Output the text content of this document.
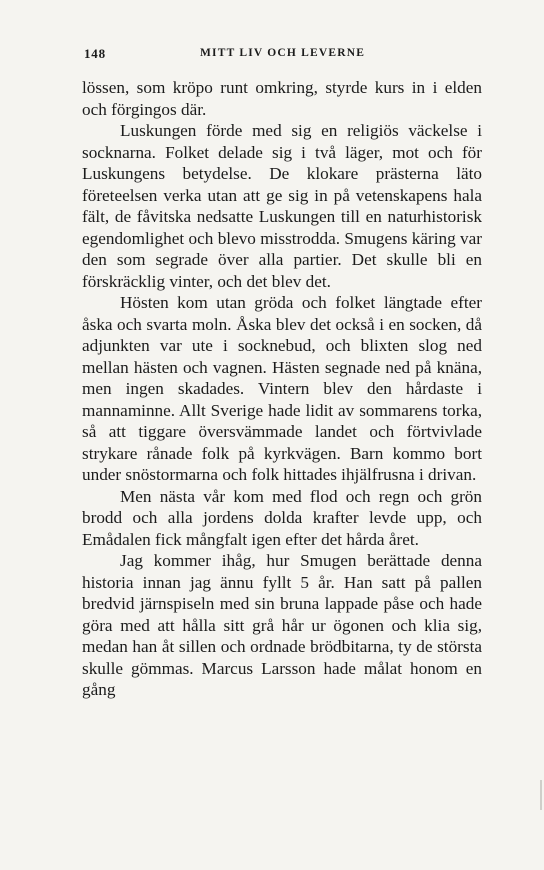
148	MITT LIV OCH LEVERNE

lössen, som kröpo runt omkring, styrde kurs in i elden och förgingos där.

Luskungen förde med sig en religiös väckelse i socknarna. Folket delade sig i två läger, mot och för Luskungens betydelse. De klokare prästerna läto företeelsen verka utan att ge sig in på vetenskapens hala fält, de fåvitska nedsatte Luskungen till en naturhistorisk egendomlighet och blevo misstrodda. Smugens käring var den som segrade över alla partier. Det skulle bli en förskräcklig vinter, och det blev det.

Hösten kom utan gröda och folket längtade efter åska och svarta moln. Åska blev det också i en socken, då adjunkten var ute i socknebud, och blixten slog ned mellan hästen och vagnen. Hästen segnade ned på knäna, men ingen skadades. Vintern blev den hårdaste i mannaminne. Allt Sverige hade lidit av sommarens torka, så att tiggare översvämmade landet och förtvivlade strykare rånade folk på kyrkvägen. Barn kommo bort under snöstormarna och folk hittades ihjälfrusna i drivan.

Men nästa vår kom med flod och regn och grön brodd och alla jordens dolda krafter levde upp, och Emådalen fick mångfalt igen efter det hårda året.

Jag kommer ihåg, hur Smugen berättade denna historia innan jag ännu fyllt 5 år. Han satt på pallen bredvid järnspiseln med sin bruna lappade påse och hade göra med att hålla sitt grå hår ur ögonen och klia sig, medan han åt sillen och ordnade brödbitarna, ty de största skulle gömmas. Marcus Larsson hade målat honom en gång
